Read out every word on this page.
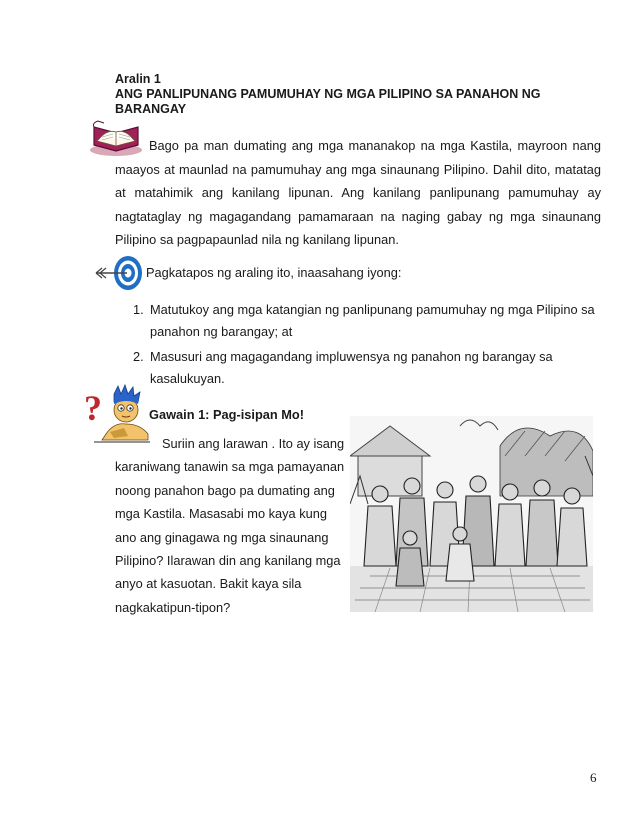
Aralin 1
ANG PANLIPUNANG PAMUMUHAY NG MGA PILIPINO SA PANAHON NG
BARANGAY
Bago pa man dumating ang mga mananakop na mga Kastila, mayroon nang maayos at maunlad na pamumuhay ang mga sinaunang Pilipino. Dahil dito, matatag at matahimik ang kanilang lipunan. Ang kanilang panlipunang pamumuhay ay nagtataglay ng magagandang pamamaraan na naging gabay ng mga sinaunang Pilipino sa pagpapaunlad nila ng kanilang lipunan.
Pagkatapos ng araling ito, inaasahang iyong:
1. Matutukoy ang mga katangian ng panlipunang pamumuhay ng mga Pilipino sa panahon ng barangay; at
2. Masusuri ang magagandang impluwensya ng panahon ng barangay sa kasalukuyan.
?	Gawain 1: Pag-isipan Mo!
Suriin ang larawan . Ito ay isang karaniwang tanawin sa mga pamayanan noong panahon bago pa dumating ang mga Kastila. Masasabi mo kaya kung ano ang ginagawa ng mga sinaunang Pilipino? Ilarawan din ang kanilang mga anyo at kasuotan. Bakit kaya sila nagkakatipun-tipon?
6
